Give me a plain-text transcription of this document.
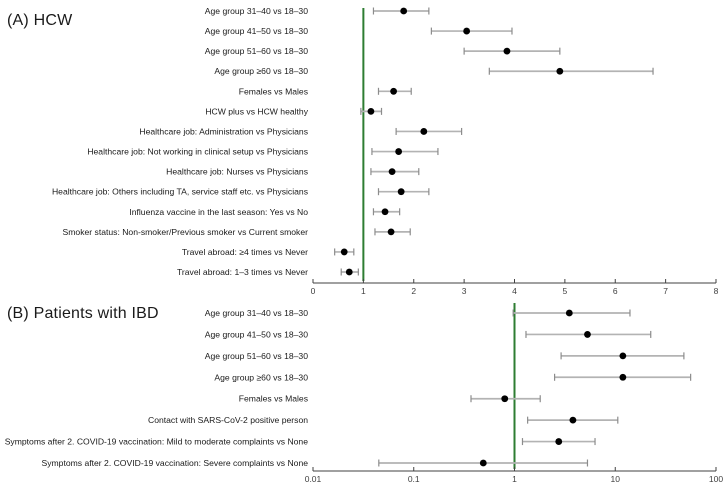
(A) HCW
(B) Patients with IBD
Age group 31–40 vs 18–30
Age group 41–50 vs 18–30
Age group 51–60 vs 18–30
Age group ≥60 vs 18–30
Females vs Males
HCW plus vs HCW healthy
Healthcare job: Administration vs Physicians
Healthcare job: Not working in clinical setup vs Physicians
Healthcare job: Nurses vs Physicians
Healthcare job: Others including TA, service staff etc. vs Physicians
Influenza vaccine in the last season: Yes vs No
Smoker status: Non-smoker/Previous smoker vs Current smoker
Travel abroad: ≥4 times vs Never
Travel abroad: 1–3 times vs Never
0	1	2	3	4	5	6	7	8
Age group 31–40 vs 18–30
Age group 41–50 vs 18–30
Age group 51–60 vs 18–30
Age group ≥60 vs 18–30
Females vs Males
Contact with SARS-CoV-2 positive person
Symptoms after 2. COVID-19 vaccination: Mild to moderate complaints vs None
Symptoms after 2. COVID-19 vaccination: Severe complaints vs None
0.01	0.1	1	10	100
